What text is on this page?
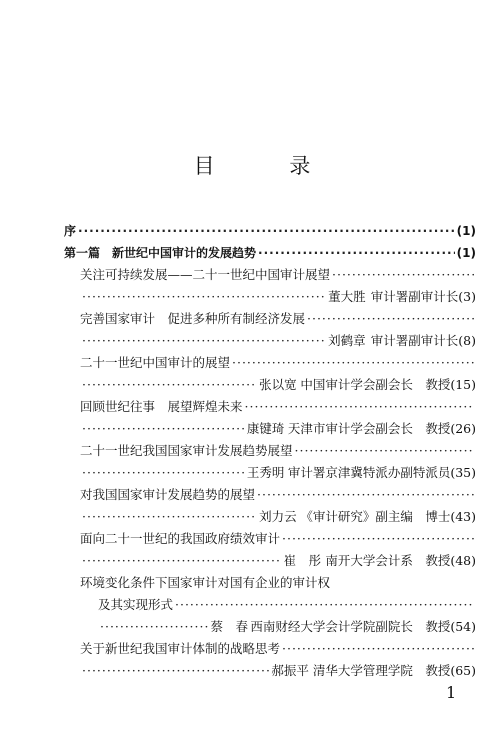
目 录
序 ·····	(1)
第一篇　新世纪中国审计的发展趋势 ·····	(1)
关注可持续发展——二十一世纪中国审计展望
·····
·····
董大胜 审计署副审计长 (3)
完善国家审计　促进多种所有制经济发展
·····
·····
刘鹤章 审计署副审计长 (8)
二十一世纪中国审计的展望
·····
·····
张以宽 中国审计学会副会长　教授 (15)
回顾世纪往事　展望辉煌未来
·····
·····
康键琦 天津市审计学会副会长　教授 (26)
二十一世纪我国国家审计发展趋势展望
·····
·····
王秀明 审计署京津冀特派办副特派员 (35)
对我国国家审计发展趋势的展望
·····
·····
刘力云 《审计研究》副主编　博士 (43)
面向二十一世纪的我国政府绩效审计
·····
·····
崔　彤 南开大学会计系　教授 (48)
环境变化条件下国家审计对国有企业的审计权
及其实现形式
·····
·····
蔡　春 西南财经大学会计学院副院长　教授 (54)
关于新世纪我国审计体制的战略思考
·····
·····
郝振平 清华大学管理学院　教授 (65)
1
